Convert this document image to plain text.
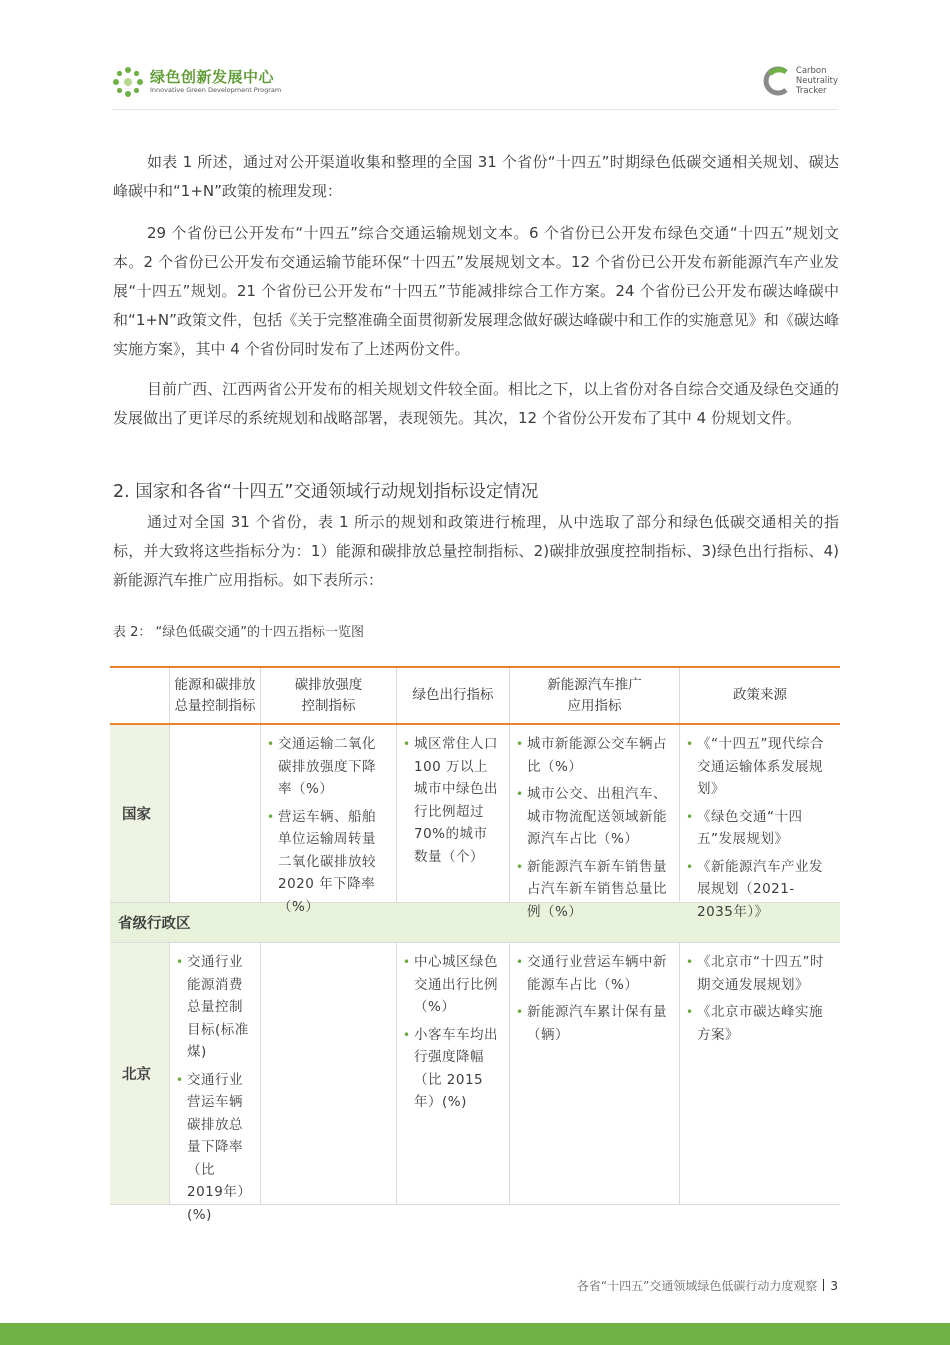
绿色创新发展中心
Innovative Green Development Program
Carbon
Neutrality
Tracker

如表 1 所述，通过对公开渠道收集和整理的全国 31 个省份“十四五”时期绿色低碳交通相关规划、碳达峰碳中和“1+N”政策的梳理发现：

29 个省份已公开发布“十四五”综合交通运输规划文本。6 个省份已公开发布绿色交通“十四五”规划文本。2 个省份已公开发布交通运输节能环保“十四五”发展规划文本。12 个省份已公开发布新能源汽车产业发展“十四五”规划。21 个省份已公开发布“十四五”节能减排综合工作方案。24 个省份已公开发布碳达峰碳中和“1+N”政策文件，包括《关于完整准确全面贯彻新发展理念做好碳达峰碳中和工作的实施意见》和《碳达峰实施方案》，其中 4 个省份同时发布了上述两份文件。

目前广西、江西两省公开发布的相关规划文件较全面。相比之下，以上省份对各自综合交通及绿色交通的发展做出了更详尽的系统规划和战略部署，表现领先。其次，12 个省份公开发布了其中 4 份规划文件。

2. 国家和各省“十四五”交通领域行动规划指标设定情况

通过对全国 31 个省份，表 1 所示的规划和政策进行梳理，从中选取了部分和绿色低碳交通相关的指标，并大致将这些指标分为：1）能源和碳排放总量控制指标、2)碳排放强度控制指标、3)绿色出行指标、4)新能源汽车推广应用指标。如下表所示：

表 2： “绿色低碳交通”的十四五指标一览图
能源和碳排放
总量控制指标
碳排放强度
控制指标
绿色出行指标
新能源汽车推广
应用指标
政策来源
国家
• 交通运输二氧化碳排放强度下降率（%）
• 营运车辆、船舶单位运输周转量二氧化碳排放较 2020 年下降率（%）
• 城区常住人口 100 万以上城市中绿色出行比例超过 70%的城市数量（个）
• 城市新能源公交车辆占比（%）
• 城市公交、出租汽车、城市物流配送领域新能源汽车占比（%）
• 新能源汽车新车销售量占汽车新车销售总量比例（%）
• 《“十四五”现代综合交通运输体系发展规划》
• 《绿色交通“十四五”发展规划》
• 《新能源汽车产业发展规划（2021-2035年）》
省级行政区
北京
• 交通行业能源消费总量控制目标(标准煤)
• 交通行业营运车辆碳排放总量下降率（比2019年）(%)
• 中心城区绿色交通出行比例（%）
• 小客车车均出行强度降幅（比 2015年）(%)
• 交通行业营运车辆中新能源车占比（%）
• 新能源汽车累计保有量（辆）
• 《北京市“十四五”时期交通发展规划》
• 《北京市碳达峰实施方案》
各省“十四五”交通领域绿色低碳行动力度观察 3
